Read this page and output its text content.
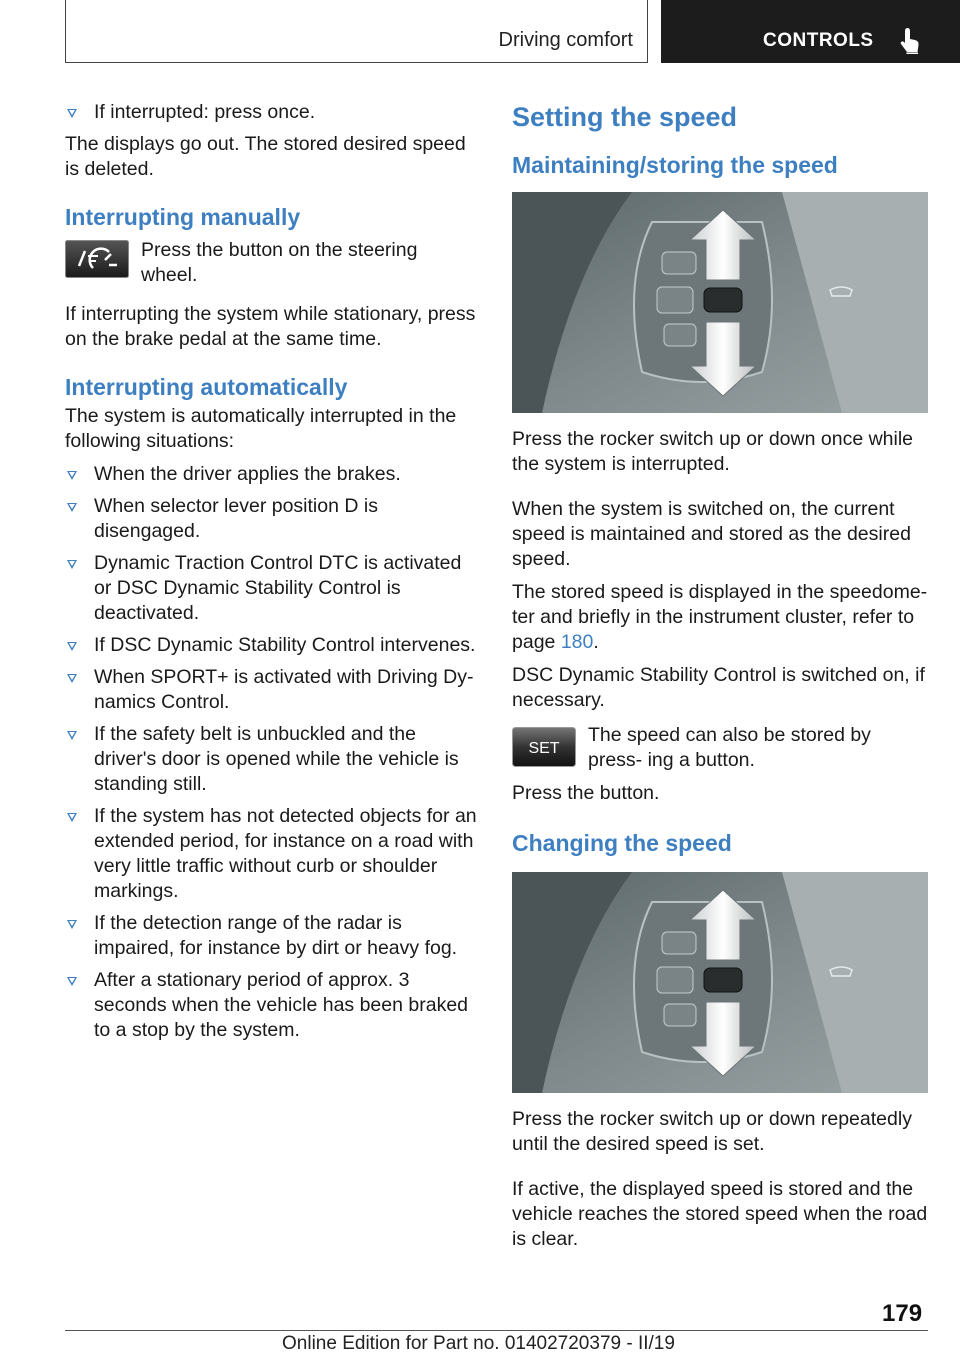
Driving comfort	CONTROLS
If interrupted: press once.

The displays go out. The stored desired speed is deleted.

Interrupting manually

Press the button on the steering wheel.

If interrupting the system while stationary, press on the brake pedal at the same time.

Interrupting automatically

The system is automatically interrupted in the following situations:

When the driver applies the brakes.
When selector lever position D is disengaged.
Dynamic Traction Control DTC is activated or DSC Dynamic Stability Control is deactivated.
If DSC Dynamic Stability Control intervenes.
When SPORT+ is activated with Driving Dy‐ namics Control.
If the safety belt is unbuckled and the driver's door is opened while the vehicle is standing still.
If the system has not detected objects for an extended period, for instance on a road with very little traffic without curb or shoulder markings.
If the detection range of the radar is impaired, for instance by dirt or heavy fog.
After a stationary period of approx. 3 seconds when the vehicle has been braked to a stop by the system.
Setting the speed
Maintaining/storing the speed

Press the rocker switch up or down once while the system is interrupted.

When the system is switched on, the current speed is maintained and stored as the desired speed.

The stored speed is displayed in the speedome‐ ter and briefly in the instrument cluster, refer to page 180.

DSC Dynamic Stability Control is switched on, if necessary.

SET

The speed can also be stored by press‐ ing a button.

Press the button.

Changing the speed

Press the rocker switch up or down repeatedly until the desired speed is set.

If active, the displayed speed is stored and the vehicle reaches the stored speed when the road is clear.

179
Online Edition for Part no. 01402720379 - II/19
